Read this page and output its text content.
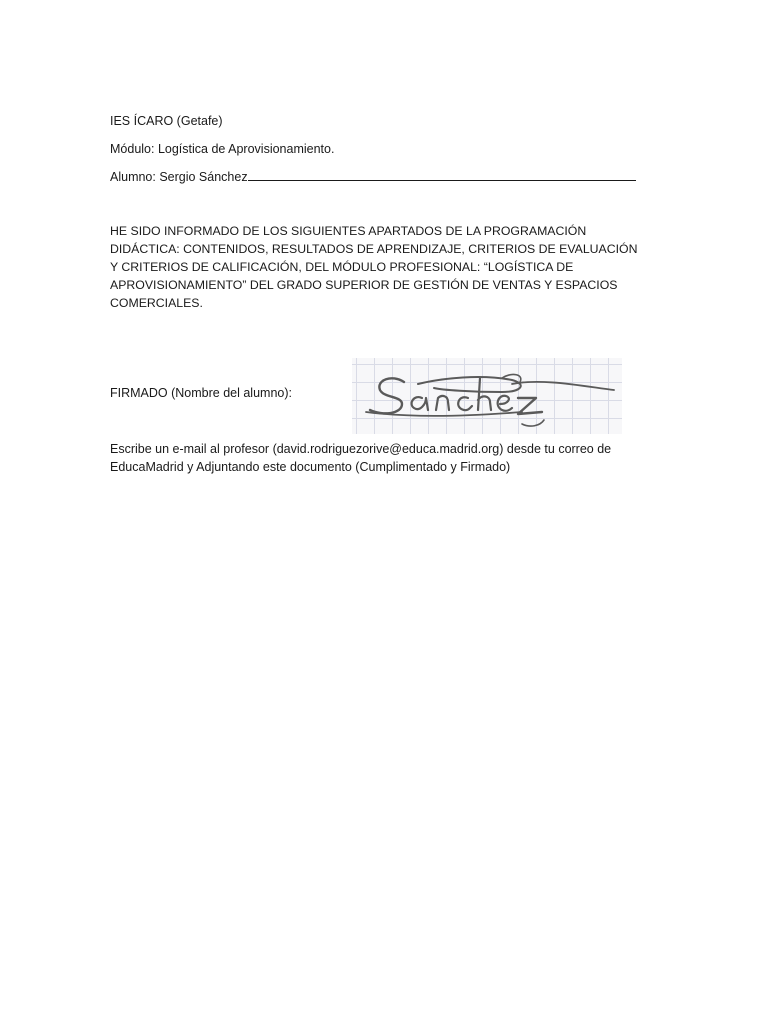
IES ÍCARO (Getafe)
Módulo: Logística de Aprovisionamiento.
Alumno: Sergio Sánchez
HE SIDO INFORMADO DE LOS SIGUIENTES APARTADOS DE LA PROGRAMACIÓN DIDÁCTICA: CONTENIDOS, RESULTADOS DE APRENDIZAJE, CRITERIOS DE EVALUACIÓN Y CRITERIOS DE CALIFICACIÓN, DEL MÓDULO PROFESIONAL: “LOGÍSTICA DE APROVISIONAMIENTO” DEL GRADO SUPERIOR DE GESTIÓN DE VENTAS Y ESPACIOS COMERCIALES.
FIRMADO (Nombre del alumno):
Escribe un e-mail al profesor (david.rodriguezorive@educa.madrid.org) desde tu correo de EducaMadrid y Adjuntando este documento (Cumplimentado y Firmado)
